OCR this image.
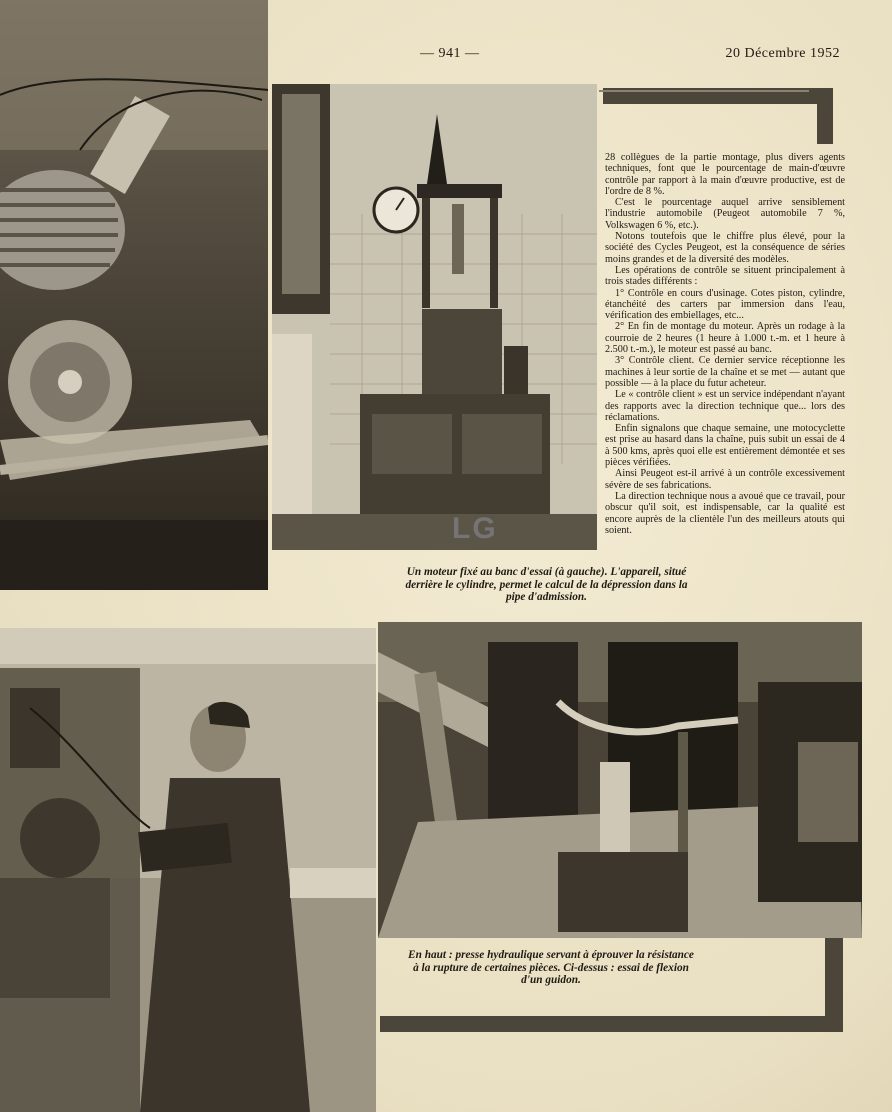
— 941 —	20 Décembre 1952

28 collègues de la partie montage, plus divers agents techniques, font que le pourcentage de main-d'œuvre contrôle par rapport à la main d'œuvre productive, est de l'ordre de 8 %.

C'est le pourcentage auquel arrive sensiblement l'industrie automobile (Peugeot automobile 7 %, Volkswagen 6 %, etc.).

Notons toutefois que le chiffre plus élevé, pour la société des Cycles Peugeot, est la conséquence de séries moins grandes et de la diversité des modèles.

Les opérations de contrôle se situent principalement à trois stades différents :

1° Contrôle en cours d'usinage. Cotes piston, cylindre, étanchéité des carters par immersion dans l'eau, vérification des embiellages, etc...

2° En fin de montage du moteur. Après un rodage à la courroie de 2 heures (1 heure à 1.000 t.-m. et 1 heure à 2.500 t.-m.), le moteur est passé au banc.

3° Contrôle client. Ce dernier service réceptionne les machines à leur sortie de la chaîne et se met — autant que possible — à la place du futur acheteur.

Le « contrôle client » est un service indépendant n'ayant des rapports avec la direction technique que... lors des réclamations.

Enfin signalons que chaque semaine, une motocyclette est prise au hasard dans la chaîne, puis subit un essai de 4 à 500 kms, après quoi elle est entièrement démontée et ses pièces vérifiées.

Ainsi Peugeot est-il arrivé à un contrôle excessivement sévère de ses fabrications.

La direction technique nous a avoué que ce travail, pour obscur qu'il soit, est indispensable, car la qualité est encore auprès de la clientèle l'un des meilleurs atouts qui soient.

LG

Un moteur fixé au banc d'essai (à gauche). L'appareil, situé derrière le cylindre, permet le calcul de la dépression dans la pipe d'admission.

En haut : presse hydraulique servant à éprouver la résistance à la rupture de certaines pièces. Ci-dessus : essai de flexion d'un guidon.
